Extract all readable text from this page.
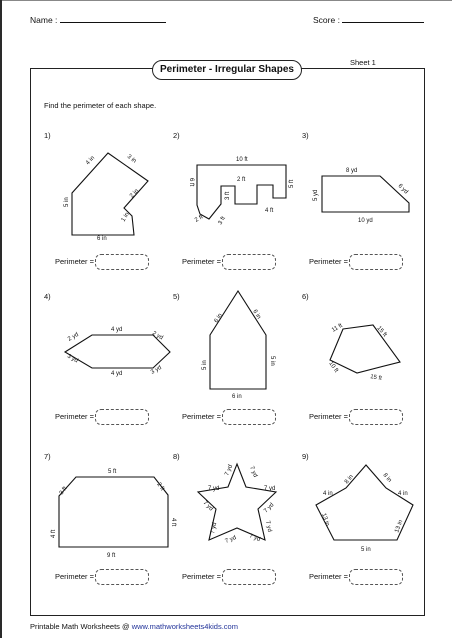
Name :	Score :
Perimeter - Irregular Shapes
Sheet 1
Find the perimeter of each shape.
1)	2)	3)
4)	5)	6)
7)	8)	9)
4 in	3 in
2 in
1 in
5 in
6 in
10 ft
6 ft	2 ft
3 ft
5 ft
4 ft
3 ft
2 ft
8 yd
6 yd
5 yd
10 yd
4 yd
2 yd	2 yd
3 yd
3 yd
4 yd
6 in	6 in
5 in	5 in
6 in
11 ft	15 ft
10 ft
15 ft
5 ft
3 ft	2 ft
4 ft
4 ft
9 ft
7 yd 7 yd
7 yd	7 yd
7 yd	7 yd
7 yd	7 yd
7 yd 7 yd
4 in
8 in	8 in
4 in
13 in	13 in
5 in
Perimeter =	Perimeter =	Perimeter =
Perimeter =	Perimeter =	Perimeter =
Perimeter =	Perimeter =	Perimeter =
Printable Math Worksheets @ www.mathworksheets4kids.com
